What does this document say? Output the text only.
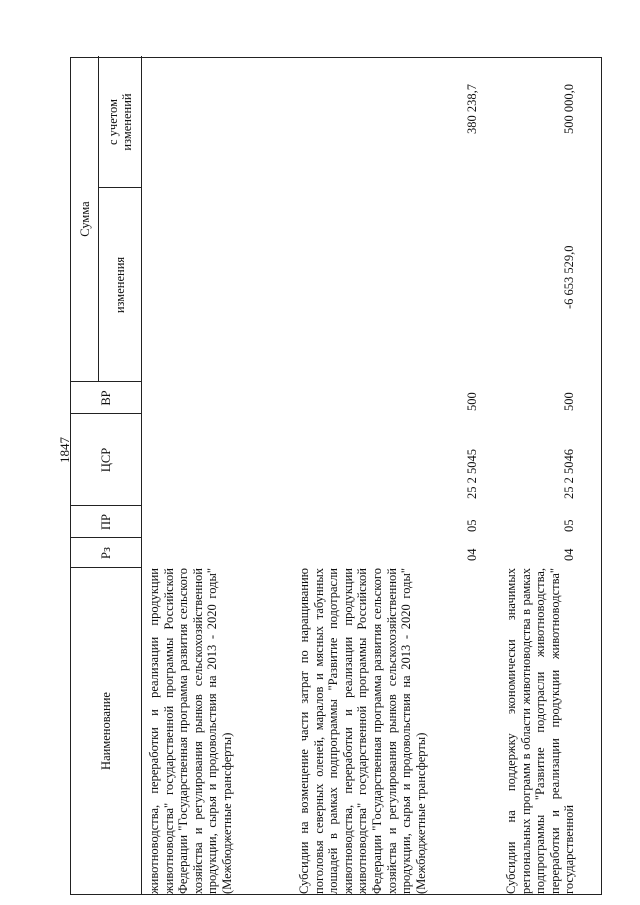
1847
Наименование
Рз
ПР
ЦСР
ВР
Сумма
изменения
с учетом изменений
животноводства, переработки и реализации продукции животноводства" государственной программы Российской Федерации "Государственная программа развития сельского хозяйства и регулирования рынков сельскохозяйственной продукции, сырья и продовольствия на 2013 - 2020 годы" (Межбюджетные трансферты)	Субсидии на возмещение части затрат по наращиванию поголовья северных оленей, маралов и мясных табунных лошадей в рамках подпрограммы "Развитие подотрасли животноводства, переработки и реализации продукции животноводства" государственной программы Российской Федерации "Государственная программа развития сельского хозяйства и регулирования рынков сельскохозяйственной продукции, сырья и продовольствия на 2013 - 2020 годы" (Межбюджетные трансферты)
04
05
25 2 5045
500
380 238,7
Субсидии на поддержку экономически значимых региональных программ в области животноводства в рамках подпрограммы "Развитие подотрасли животноводства, переработки и реализации продукции животноводства" государственной
04
05
25 2 5046
500
-6 653 529,0
500 000,0
